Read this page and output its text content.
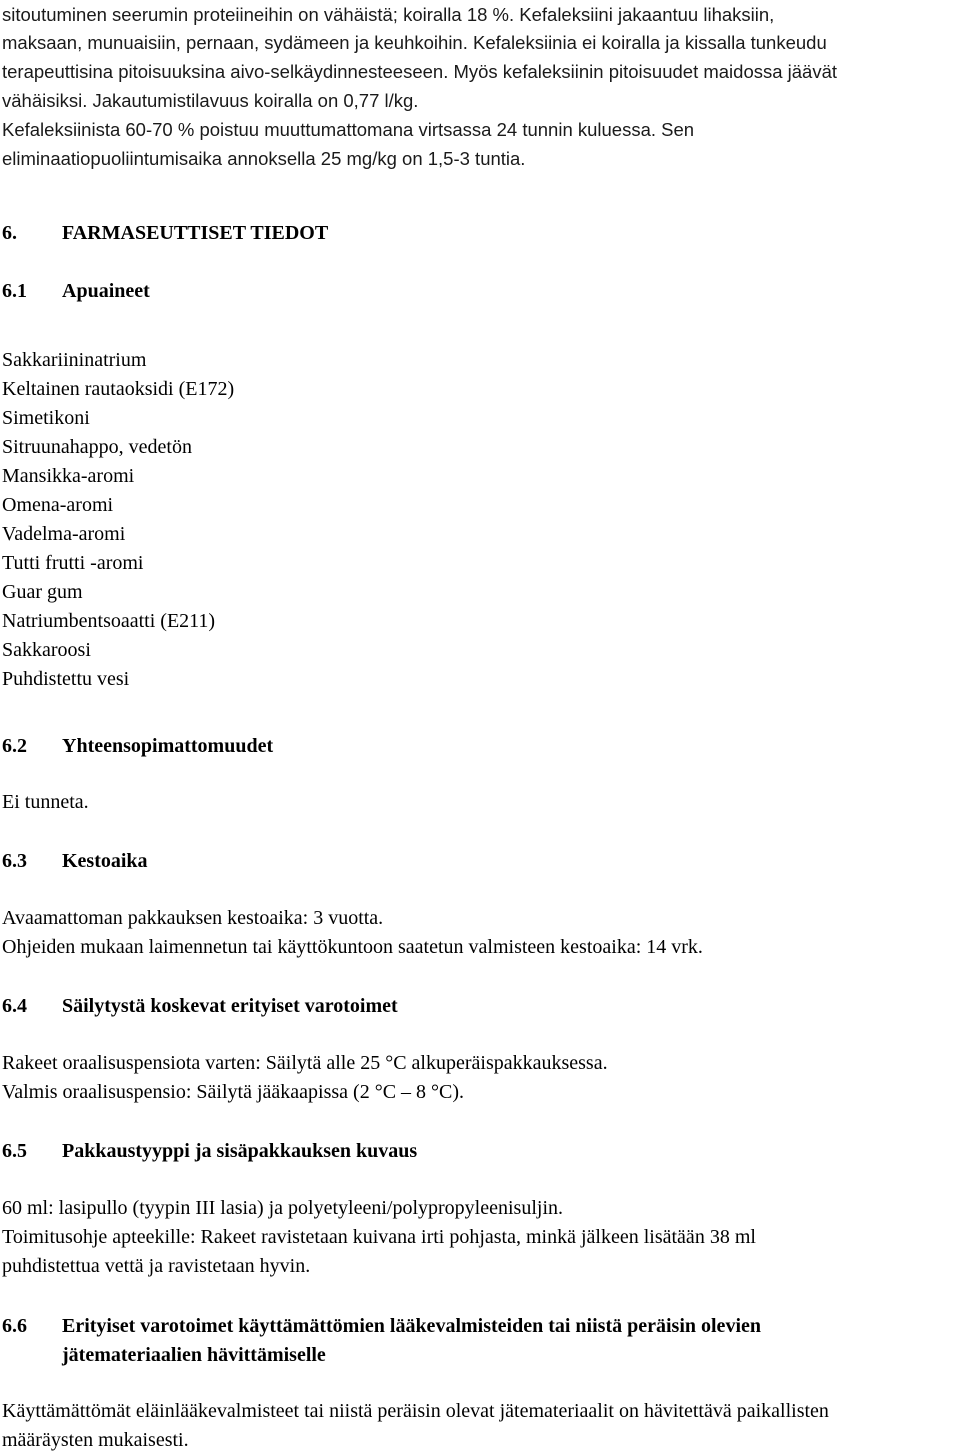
sitoutuminen seerumin proteiineihin on vähäistä; koiralla 18 %. Kefaleksiini jakaantuu lihaksiin,
maksaan, munuaisiin, pernaan, sydämeen ja keuhkoihin. Kefaleksiinia ei koiralla ja kissalla tunkeudu
terapeuttisina pitoisuuksina aivo-selkäydinnesteeseen. Myös kefaleksiinin pitoisuudet maidossa jäävät
vähäisiksi. Jakautumistilavuus koiralla on 0,77 l/kg.
Kefaleksiinista 60-70 % poistuu muuttumattomana virtsassa 24 tunnin kuluessa. Sen
eliminaatiopuoliintumisaika annoksella 25 mg/kg on 1,5-3 tuntia.
6. FARMASEUTTISET TIEDOT
6.1 Apuaineet
Sakkariininatrium
Keltainen rautaoksidi (E172)
Simetikoni
Sitruunahappo, vedetön
Mansikka-aromi
Omena-aromi
Vadelma-aromi
Tutti frutti -aromi
Guar gum
Natriumbentsoaatti (E211)
Sakkaroosi
Puhdistettu vesi
6.2 Yhteensopimattomuudet
Ei tunneta.
6.3 Kestoaika
Avaamattoman pakkauksen kestoaika: 3 vuotta.
Ohjeiden mukaan laimennetun tai käyttökuntoon saatetun valmisteen kestoaika: 14 vrk.
6.4 Säilytystä koskevat erityiset varotoimet
Rakeet oraalisuspensiota varten: Säilytä alle 25 °C alkuperäispakkauksessa.
Valmis oraalisuspensio: Säilytä jääkaapissa (2 °C – 8 °C).
6.5 Pakkaustyyppi ja sisäpakkauksen kuvaus
60 ml: lasipullo (tyypin III lasia) ja polyetyleeni/polypropyleenisuljin.
Toimitusohje apteekille: Rakeet ravistetaan kuivana irti pohjasta, minkä jälkeen lisätään 38 ml
puhdistettua vettä ja ravistetaan hyvin.
6.6 Erityiset varotoimet käyttämättömien lääkevalmisteiden tai niistä peräisin olevien
jätemateriaalien hävittämiselle
Käyttämättömät eläinlääkevalmisteet tai niistä peräisin olevat jätemateriaalit on hävitettävä paikallisten
määräysten mukaisesti.
